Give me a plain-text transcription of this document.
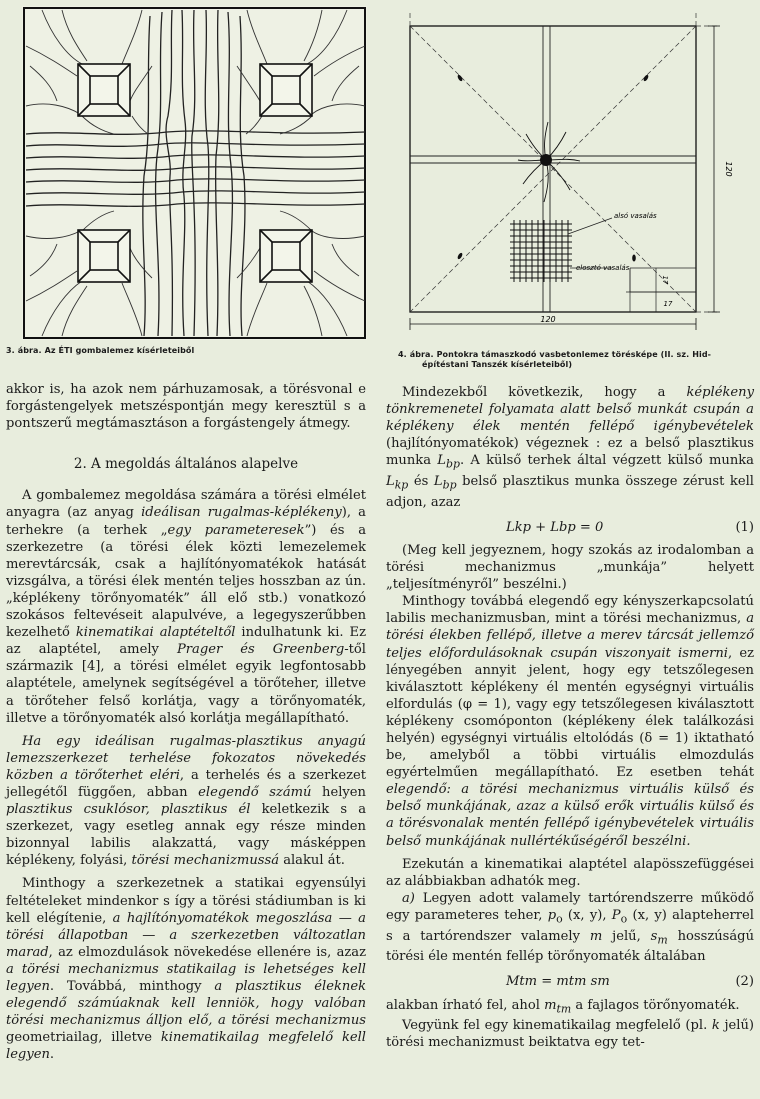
3. ábra. Az ÉTI gombalemez kísérleteiből
alsó vasalás
elosztó vasalás
120
120
17
17
4. ábra. Pontokra támaszkodó vasbetonlemez törésképe (II. sz. Hid-
építéstani Tanszék kísérleteiből)

akkor is, ha azok nem párhuzamosak, a törésvonal e forgástengelyek metszéspontján megy keresztül s a pontszerű megtámasztáson a forgástengely átmegy.

2. A megoldás általános alapelve

A gombalemez megoldása számára a törési elmélet anyagra (az anyag ideálisan rugalmas-képlékeny), a terhekre (a terhek „egy parameteresek”) és a szerkezetre (a törési élek közti lemezelemek merevtárcsák, csak a hajlítónyomatékok hatását vizsgálva, a törési élek mentén teljes hosszban az ún. „képlékeny törőnyomaték” áll elő stb.) vonatkozó szokásos feltevéseit alapulvéve, a legegyszerűbben kezelhető kinematikai alaptételtől indulhatunk ki. Ez az alaptétel, amely Prager és Greenberg-től származik [4], a törési elmélet egyik legfontosabb alaptétele, amelynek segítségével a törőteher, illetve a törőteher felső korlátja, vagy a törőnyomaték, illetve a törőnyomaték alsó korlátja megállapítható.

Ha egy ideálisan rugalmas-plasztikus anyagú lemezszerkezet terhelése fokozatos növekedés közben a törőterhet eléri, a terhelés és a szerkezet jellegétől függően, abban elegendő számú helyen plasztikus csuklósor, plasztikus él keletkezik s a szerkezet, vagy esetleg annak egy része minden bizonnyal labilis alakzattá, vagy másképpen képlékeny, folyási, törési mechanizmussá alakul át.

Minthogy a szerkezetnek a statikai egyensúlyi feltételeket mindenkor s így a törési stádiumban is ki kell elégítenie, a hajlítónyomatékok megoszlása — a törési állapotban — a szerkezetben változatlan marad, az elmozdulások növekedése ellenére is, azaz a törési mechanizmus statikailag is lehetséges kell legyen. Továbbá, minthogy a plasztikus éleknek elegendő számúaknak kell lenniök, hogy valóban törési mechanizmus álljon elő, a törési mechanizmus geometriailag, illetve kinematikailag megfelelő kell legyen.

Mindezekből következik, hogy a képlékeny tönkremenetel folyamata alatt belső munkát csupán a képlékeny élek mentén fellépő igénybevételek (hajlítónyomatékok) végeznek : ez a belső plasztikus munka $L_{bp}$. A külső terhek által végzett külső munka $L_{kp}$ és $L_{bp}$ belső plasztikus munka összege zérust kell adjon, azaz

Lkp + Lbp = 0	(1)

(Meg kell jegyeznem, hogy szokás az irodalomban a törési mechanizmus „munkája” helyett „teljesítményről” beszélni.)

Minthogy továbbá elegendő egy kényszerkapcsolatú labilis mechanizmusban, mint a törési mechanizmus, a törési élekben fellépő, illetve a merev tárcsát jellemző teljes előfordulásoknak csupán viszonyait ismerni, ez lényegében annyit jelent, hogy egy tetszőlegesen kiválasztott képlékeny él mentén egységnyi virtuális elfordulás (φ = 1), vagy egy tetszőlegesen kiválasztott képlékeny csomóponton (képlékeny élek találkozási helyén) egységnyi virtuális eltolódás (δ = 1) iktatható be, amelyből a többi virtuális elmozdulás egyértelműen megállapítható. Ez esetben tehát elegendő: a törési mechanizmus virtuális külső és belső munkájának, azaz a külső erők virtuális külső és a törésvonalak mentén fellépő igénybevételek virtuális belső munkájának nullértékűségéről beszélni.

Ezekután a kinematikai alaptétel alapösszefüggései az alábbiakban adhatók meg.

a) Legyen adott valamely tartórendszerre működő egy parameteres teher, $p_o$ (x, y), $P_o$ (x, y) alapteherrel s a tartórendszer valamely m jelű, $s_m$ hosszúságú törési éle mentén fellép törőnyomaték általában

Mtm = mtm sm	(2)

alakban írható fel, ahol $m_{tm}$ a fajlagos törőnyomaték.

Vegyünk fel egy kinematikailag megfelelő (pl. k jelű) törési mechanizmust beiktatva egy tet-
